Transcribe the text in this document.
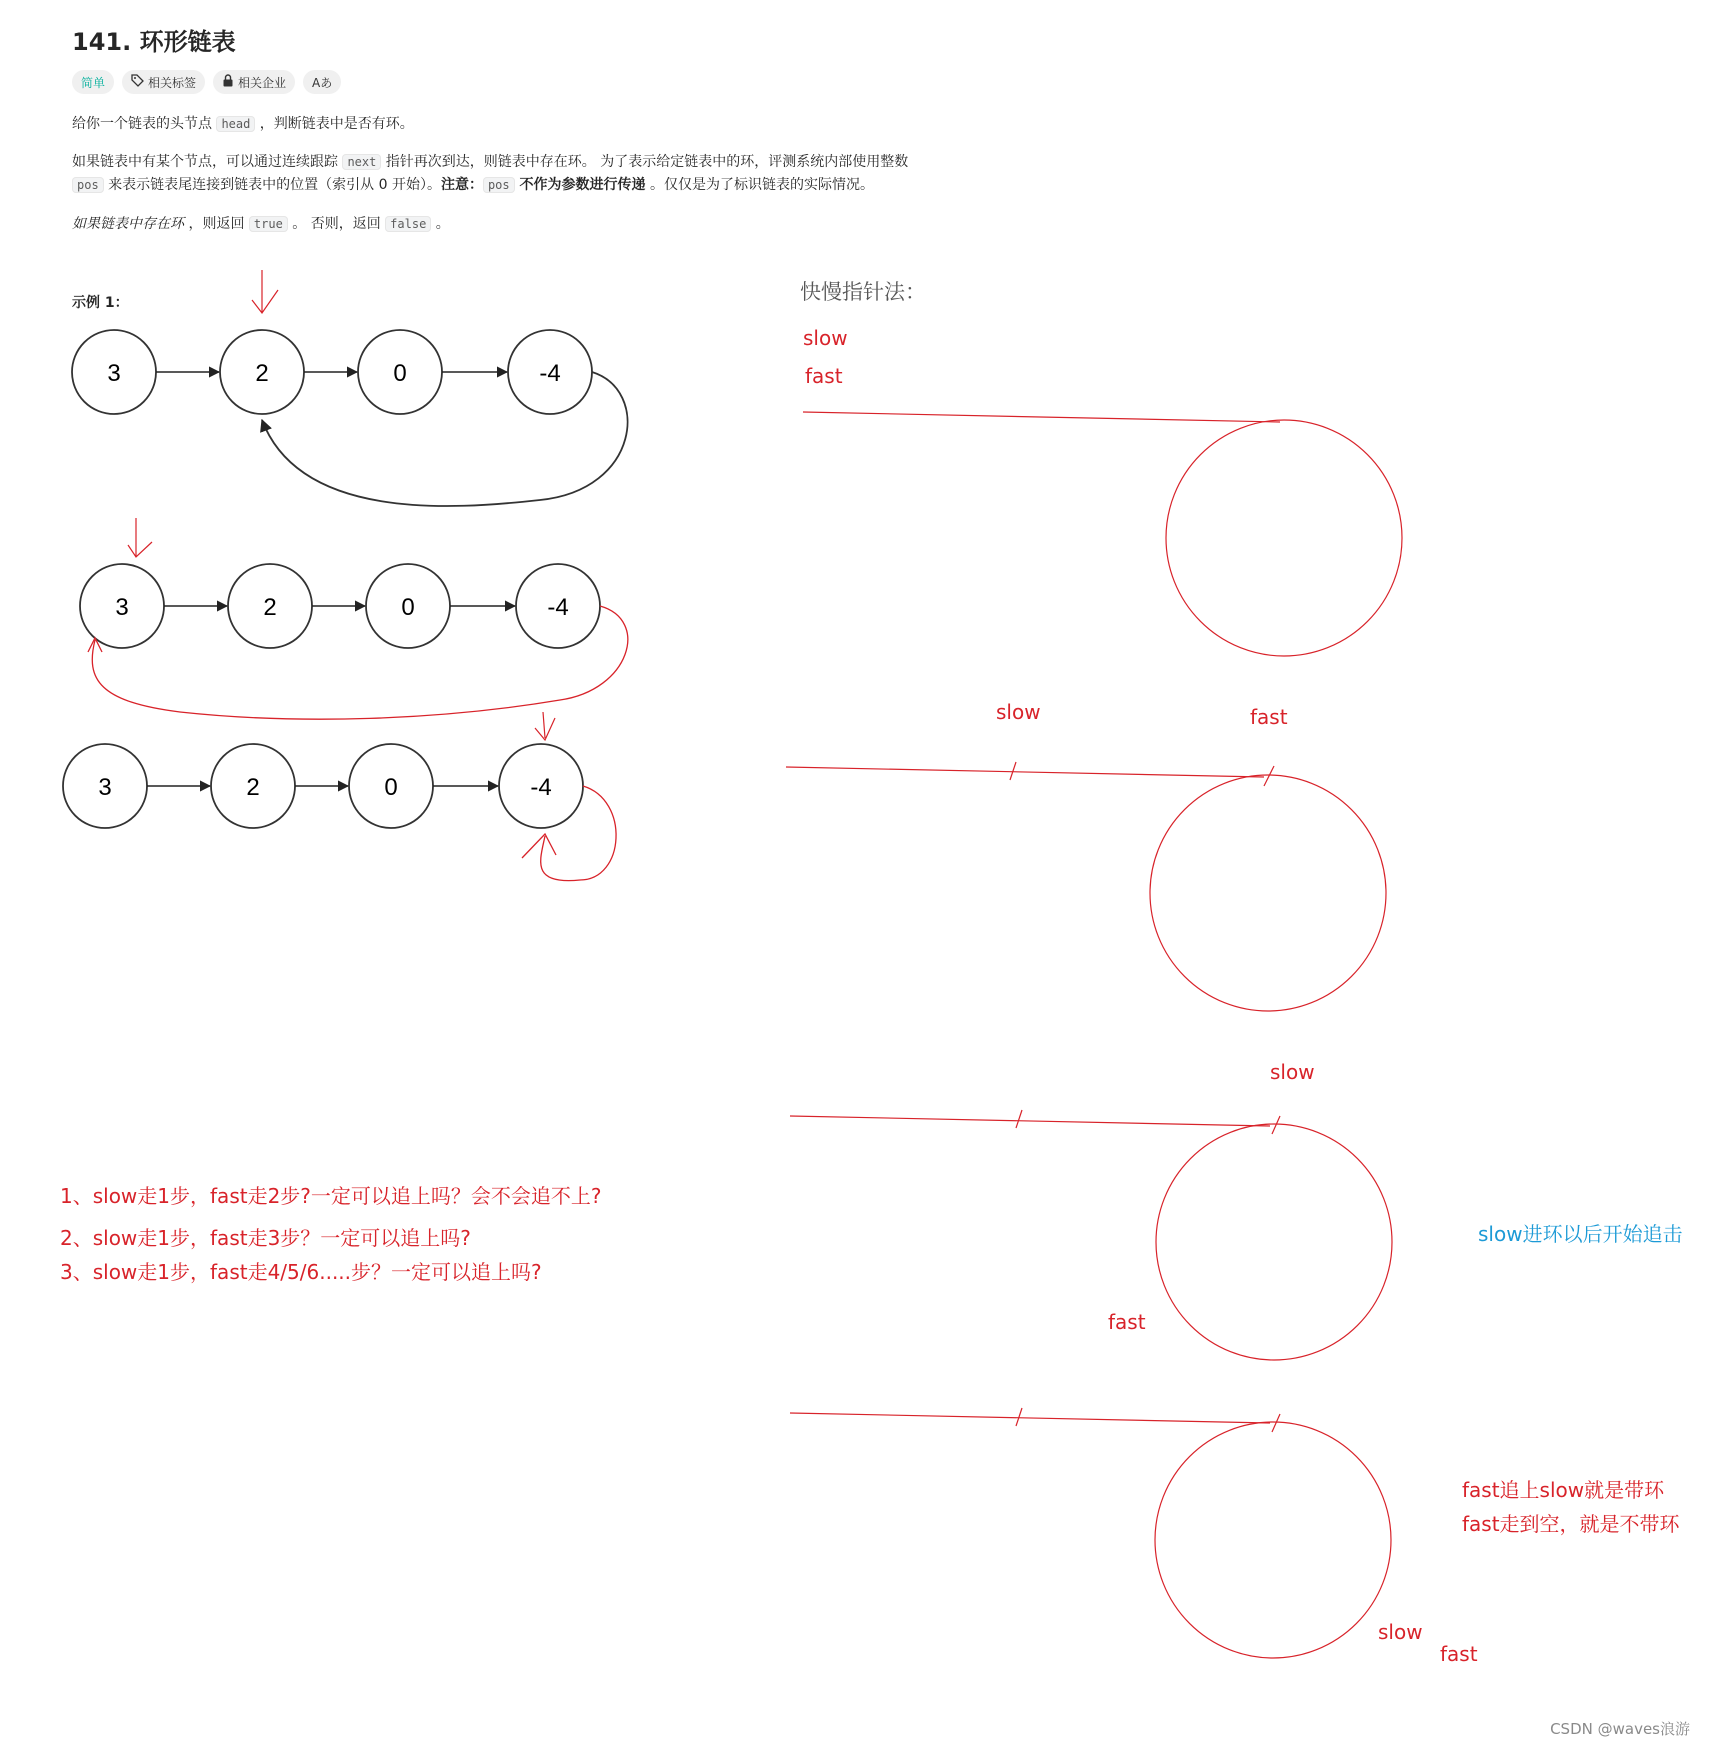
141. 环形链表
简单	相关标签	相关企业 Aあ
给你一个链表的头节点 head ，判断链表中是否有环。
如果链表中有某个节点，可以通过连续跟踪 next 指针再次到达，则链表中存在环。 为了表示给定链表中的环，评测系统内部使用整数
pos 来表示链表尾连接到链表中的位置（索引从 0 开始）。注意： pos 不作为参数进行传递 。仅仅是为了标识链表的实际情况。
如果链表中存在环 ，则返回 true 。 否则，返回 false 。
示例 1：
3	2	0	-4
3	2	0	-4
3	2	0	-4
快慢指针法：
slow
fast
slow	fast
slow
fast
slow进环以后开始追击
fast追上slow就是带环
fast走到空，就是不带环
slow
fast
1、slow走1步，fast走2步?一定可以追上吗？会不会追不上?
2、slow走1步，fast走3步？一定可以追上吗?
3、slow走1步，fast走4/5/6.....步？一定可以追上吗?
CSDN @waves浪游
